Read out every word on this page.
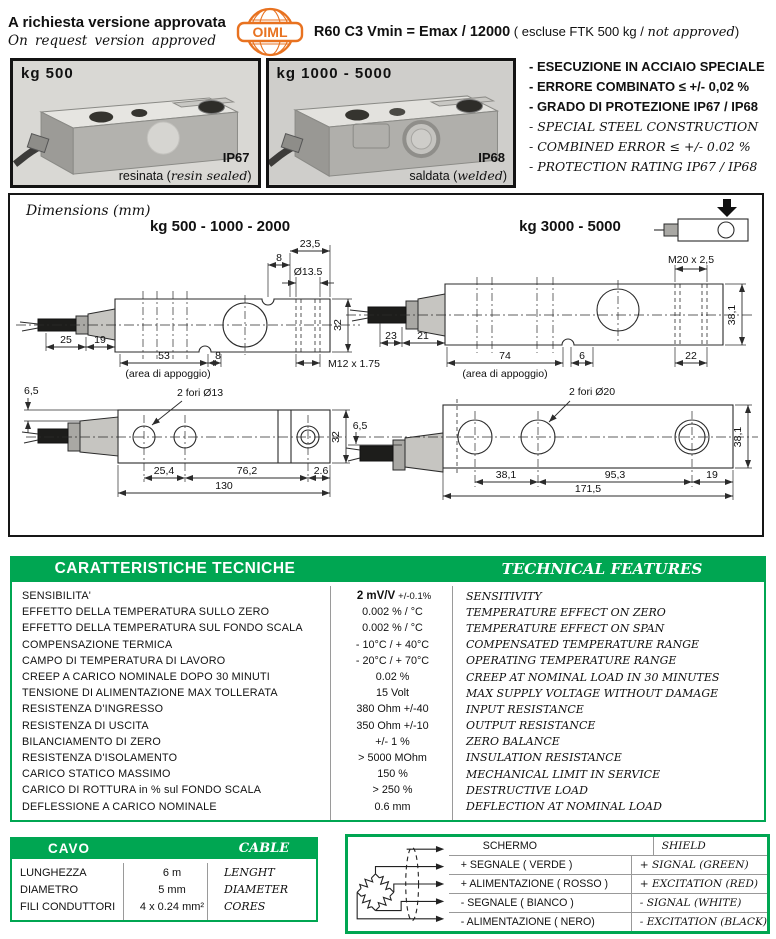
A richiesta versione approvata
On request version approved
OIML R60 C3 Vmin = Emax / 12000 ( escluse FTK 500 kg / not approved)
kg 500
IP67
resinata (resin sealed)
kg 1000 - 5000
IP68
saldata (welded)
- ESECUZIONE IN ACCIAIO SPECIALE
- ERRORE COMBINATO ≤ +/- 0,02 %
- GRADO DI PROTEZIONE IP67 / IP68
- SPECIAL STEEL CONSTRUCTION
- COMBINED ERROR ≤ +/- 0.02 %
- PROTECTION RATING IP67 / IP68
Dimensions (mm)
kg 500 - 1000 - 2000	kg 3000 - 5000
8
23,5
Ø13.5
32
25 19
53	8
(area di appoggio)
M12 x 1.75
M20 x 2,5
38,1
23 21
74	6
(area di appoggio)
22
6,5	2 fori Ø13
32
25,4	76,2	2.6
130
6,5
2 fori Ø20
38,1
38,1	95,3	19
171,5
CARATTERISTICHE TECNICHE	TECHNICAL FEATURES
SENSIBILITA'	2 mV/V +/-0.1%	SENSITIVITY
EFFETTO DELLA TEMPERATURA SULLO ZERO	0.002 % / °C	TEMPERATURE EFFECT ON ZERO
EFFETTO DELLA TEMPERATURA SUL FONDO SCALA	0.002 % / °C	TEMPERATURE EFFECT ON SPAN
COMPENSAZIONE TERMICA	- 10°C / + 40°C	COMPENSATED TEMPERATURE RANGE
CAMPO DI TEMPERATURA DI LAVORO	- 20°C / + 70°C	OPERATING TEMPERATURE RANGE
CREEP A CARICO NOMINALE DOPO 30 MINUTI	0.02 %	CREEP AT NOMINAL LOAD IN 30 MINUTES
TENSIONE DI ALIMENTAZIONE MAX TOLLERATA	15 Volt	MAX SUPPLY VOLTAGE WITHOUT DAMAGE
RESISTENZA D'INGRESSO	380 Ohm +/-40	INPUT RESISTANCE
RESISTENZA DI USCITA	350 Ohm +/-10	OUTPUT RESISTANCE
BILANCIAMENTO DI ZERO	+/- 1 %	ZERO BALANCE
RESISTENZA D'ISOLAMENTO	> 5000 MOhm	INSULATION RESISTANCE
CARICO STATICO MASSIMO	150 %	MECHANICAL LIMIT IN SERVICE
CARICO DI ROTTURA in % sul FONDO SCALA	> 250 %	DESTRUCTIVE LOAD
DEFLESSIONE A CARICO NOMINALE	0.6 mm	DEFLECTION AT NOMINAL LOAD
CAVO	CABLE
LUNGHEZZA	6 m	LENGHT
DIAMETRO	5 mm	DIAMETER
FILI CONDUTTORI	4 x 0.24 mm²	CORES
SCHERMO	SHIELD
+ SEGNALE ( VERDE )	+ SIGNAL (GREEN)
+ ALIMENTAZIONE ( ROSSO )	+ EXCITATION (RED)
- SEGNALE ( BIANCO )	- SIGNAL (WHITE)
- ALIMENTAZIONE ( NERO)	- EXCITATION (BLACK)
